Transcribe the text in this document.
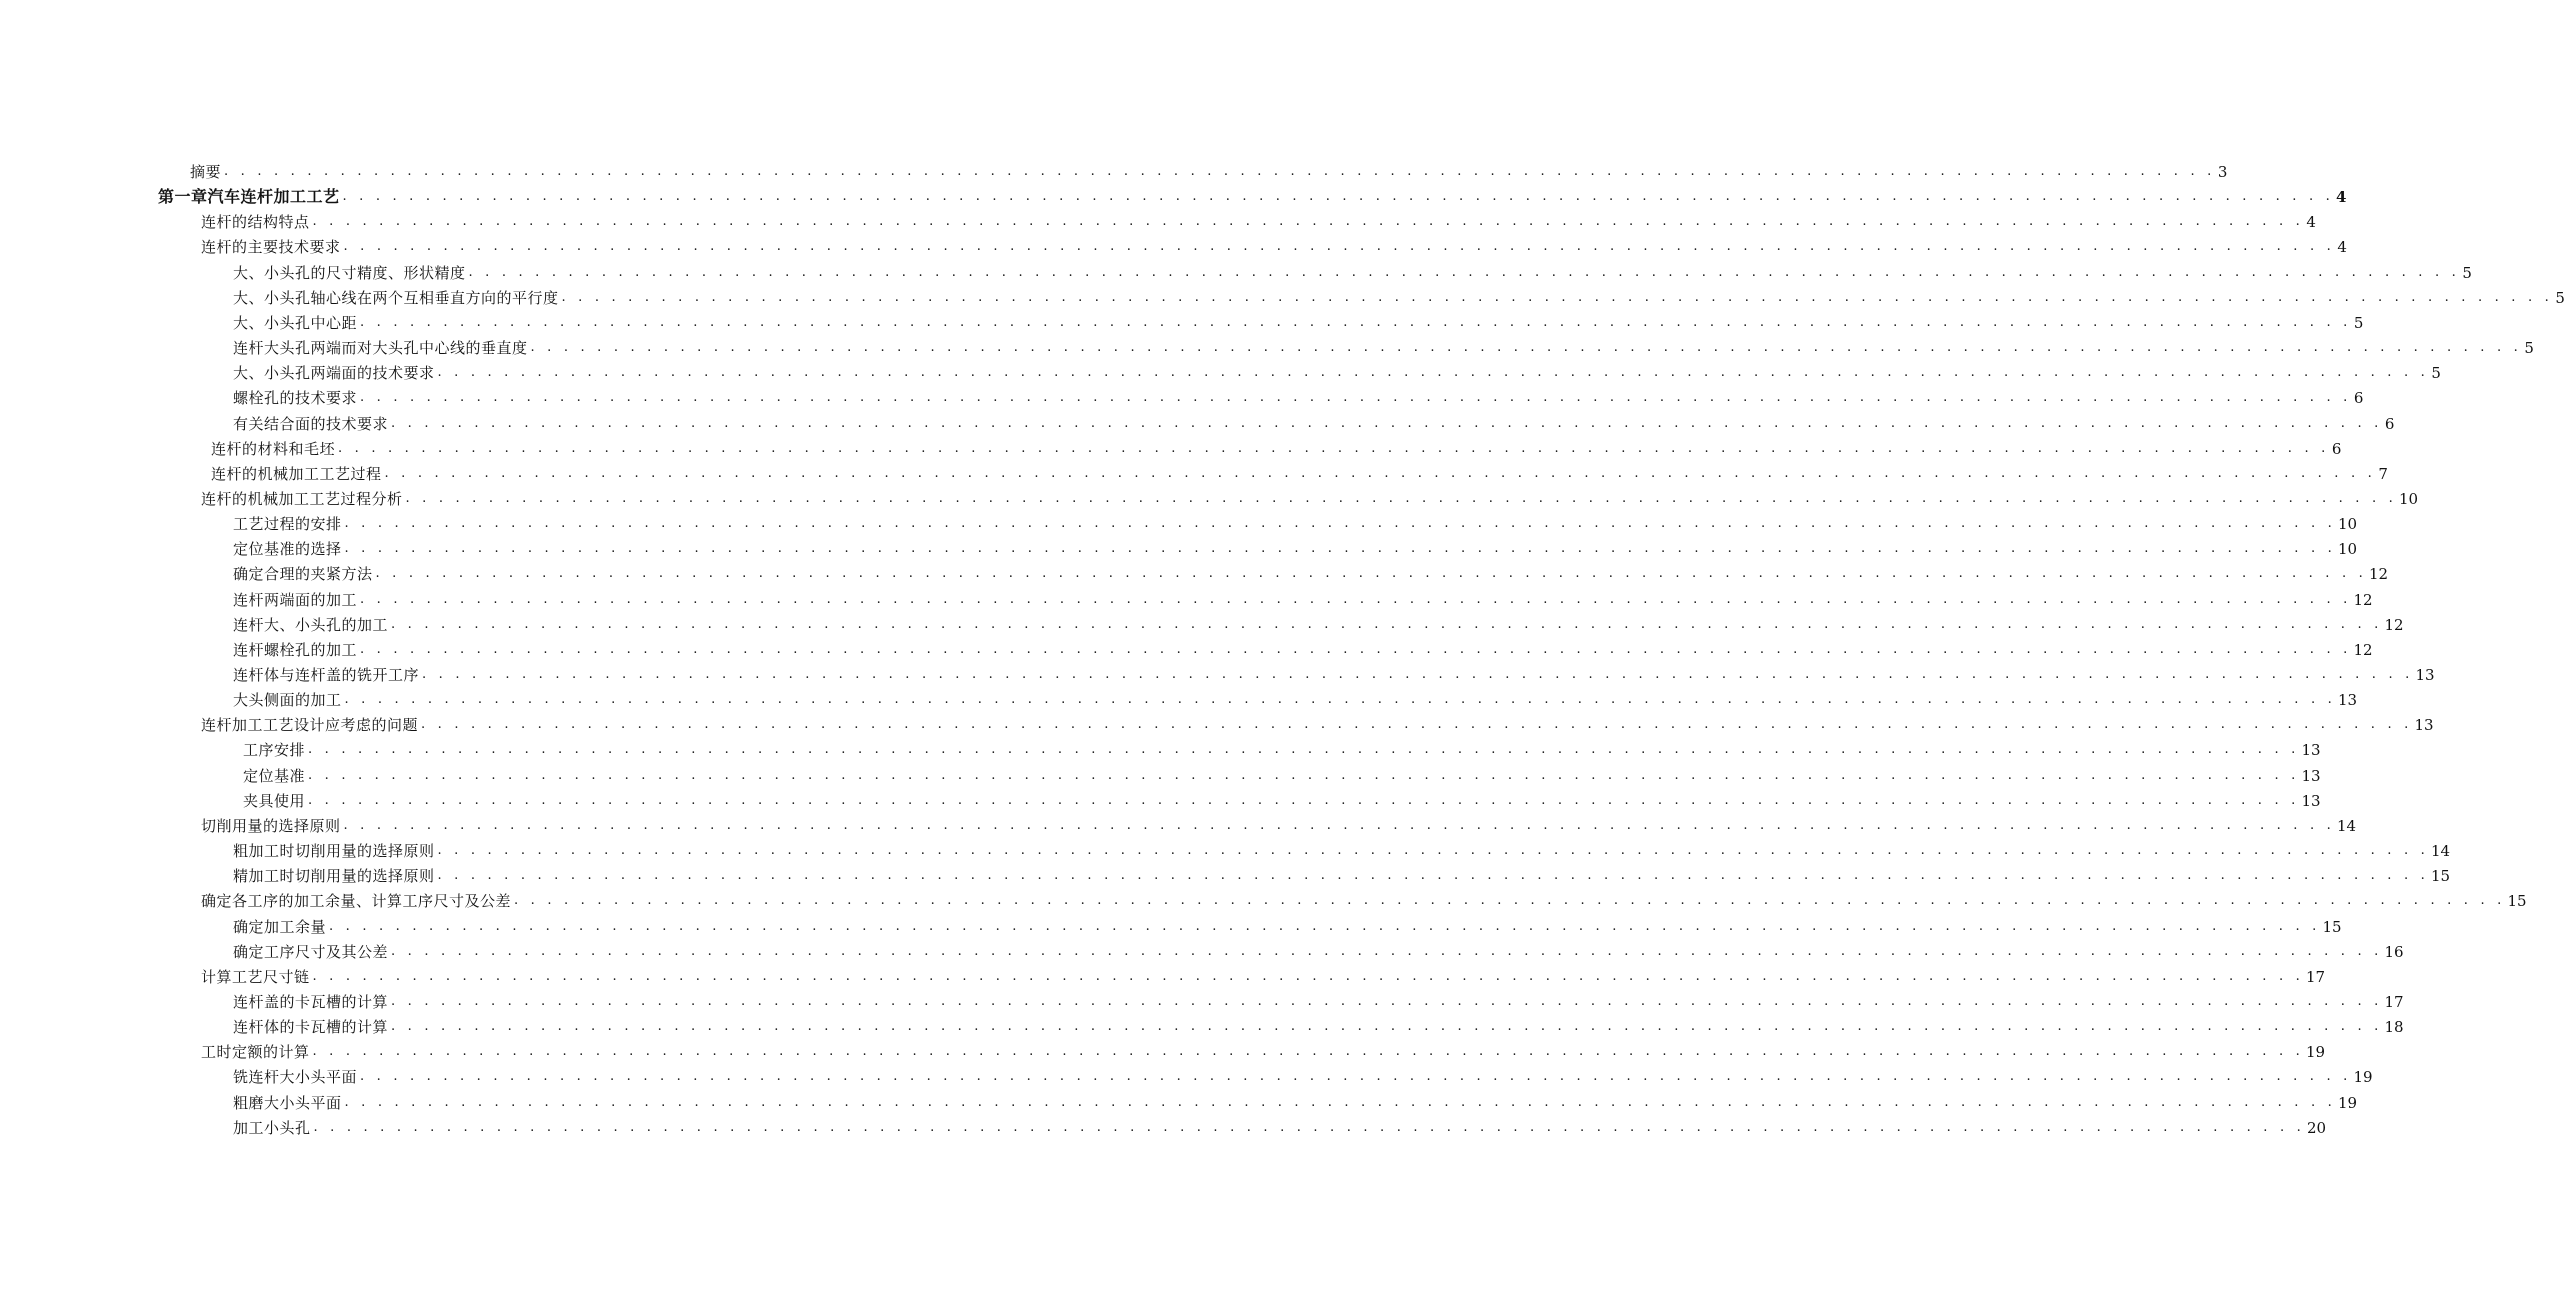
摘要 . . . . . . . . . . . . . . . . . . . . . . . . . . . . . . . . . . . . . . . . . . . . . . . . . . . . . . . . . . . . . . . . . . . . . . . . . . . . . . . . . . . . . . . . . . . . . . . . . . . . . . . . . . . . . . . . . . . . . . . . 3
第一章汽车连杆加工工艺 . . . . . . . . . . . . . . . . . . . . . . . . . . . . . . . . . . . . . . . . . . . . . . . . . . . . . . . . . . . . . . . . . . . . . . . . . . . . . . . . . . . . . . . . . . . . . . . . . . . . . . . . . . . . . . . . . . . . . . . . 4
连杆的结构特点 . . . . . . . . . . . . . . . . . . . . . . . . . . . . . . . . . . . . . . . . . . . . . . . . . . . . . . . . . . . . . . . . . . . . . . . . . . . . . . . . . . . . . . . . . . . . . . . . . . . . . . . . . . . . . . . . . . . . . . . . 4
连杆的主要技术要求 . . . . . . . . . . . . . . . . . . . . . . . . . . . . . . . . . . . . . . . . . . . . . . . . . . . . . . . . . . . . . . . . . . . . . . . . . . . . . . . . . . . . . . . . . . . . . . . . . . . . . . . . . . . . . . . . . . . . . . . . 4
大、小头孔的尺寸精度、形状精度 . . . . . . . . . . . . . . . . . . . . . . . . . . . . . . . . . . . . . . . . . . . . . . . . . . . . . . . . . . . . . . . . . . . . . . . . . . . . . . . . . . . . . . . . . . . . . . . . . . . . . . . . . . . . . . . . . . . . . . . . 5
大、小头孔轴心线在两个互相垂直方向的平行度 . . . . . . . . . . . . . . . . . . . . . . . . . . . . . . . . . . . . . . . . . . . . . . . . . . . . . . . . . . . . . . . . . . . . . . . . . . . . . . . . . . . . . . . . . . . . . . . . . . . . . . . . . . . . . . . . . . . . . . . . 5
大、小头孔中心距 . . . . . . . . . . . . . . . . . . . . . . . . . . . . . . . . . . . . . . . . . . . . . . . . . . . . . . . . . . . . . . . . . . . . . . . . . . . . . . . . . . . . . . . . . . . . . . . . . . . . . . . . . . . . . . . . . . . . . . . . 5
连杆大头孔两端而对大头孔中心线的垂直度 . . . . . . . . . . . . . . . . . . . . . . . . . . . . . . . . . . . . . . . . . . . . . . . . . . . . . . . . . . . . . . . . . . . . . . . . . . . . . . . . . . . . . . . . . . . . . . . . . . . . . . . . . . . . . . . . . . . . . . . . 5
大、小头孔两端面的技术要求 . . . . . . . . . . . . . . . . . . . . . . . . . . . . . . . . . . . . . . . . . . . . . . . . . . . . . . . . . . . . . . . . . . . . . . . . . . . . . . . . . . . . . . . . . . . . . . . . . . . . . . . . . . . . . . . . . . . . . . . . 5
螺栓孔的技术要求 . . . . . . . . . . . . . . . . . . . . . . . . . . . . . . . . . . . . . . . . . . . . . . . . . . . . . . . . . . . . . . . . . . . . . . . . . . . . . . . . . . . . . . . . . . . . . . . . . . . . . . . . . . . . . . . . . . . . . . . . 6
有关结合面的技术要求 . . . . . . . . . . . . . . . . . . . . . . . . . . . . . . . . . . . . . . . . . . . . . . . . . . . . . . . . . . . . . . . . . . . . . . . . . . . . . . . . . . . . . . . . . . . . . . . . . . . . . . . . . . . . . . . . . . . . . . . . 6
连杆的材料和毛坯 . . . . . . . . . . . . . . . . . . . . . . . . . . . . . . . . . . . . . . . . . . . . . . . . . . . . . . . . . . . . . . . . . . . . . . . . . . . . . . . . . . . . . . . . . . . . . . . . . . . . . . . . . . . . . . . . . . . . . . . . 6
连杆的机械加工工艺过程 . . . . . . . . . . . . . . . . . . . . . . . . . . . . . . . . . . . . . . . . . . . . . . . . . . . . . . . . . . . . . . . . . . . . . . . . . . . . . . . . . . . . . . . . . . . . . . . . . . . . . . . . . . . . . . . . . . . . . . . . 7
连杆的机械加工工艺过程分析 . . . . . . . . . . . . . . . . . . . . . . . . . . . . . . . . . . . . . . . . . . . . . . . . . . . . . . . . . . . . . . . . . . . . . . . . . . . . . . . . . . . . . . . . . . . . . . . . . . . . . . . . . . . . . . . . . . . . . . . . 10
工艺过程的安排 . . . . . . . . . . . . . . . . . . . . . . . . . . . . . . . . . . . . . . . . . . . . . . . . . . . . . . . . . . . . . . . . . . . . . . . . . . . . . . . . . . . . . . . . . . . . . . . . . . . . . . . . . . . . . . . . . . . . . . . . 10
定位基准的选择 . . . . . . . . . . . . . . . . . . . . . . . . . . . . . . . . . . . . . . . . . . . . . . . . . . . . . . . . . . . . . . . . . . . . . . . . . . . . . . . . . . . . . . . . . . . . . . . . . . . . . . . . . . . . . . . . . . . . . . . . 10
确定合理的夹紧方法 . . . . . . . . . . . . . . . . . . . . . . . . . . . . . . . . . . . . . . . . . . . . . . . . . . . . . . . . . . . . . . . . . . . . . . . . . . . . . . . . . . . . . . . . . . . . . . . . . . . . . . . . . . . . . . . . . . . . . . . . 12
连杆两端面的加工 . . . . . . . . . . . . . . . . . . . . . . . . . . . . . . . . . . . . . . . . . . . . . . . . . . . . . . . . . . . . . . . . . . . . . . . . . . . . . . . . . . . . . . . . . . . . . . . . . . . . . . . . . . . . . . . . . . . . . . . . 12
连杆大、小头孔的加工 . . . . . . . . . . . . . . . . . . . . . . . . . . . . . . . . . . . . . . . . . . . . . . . . . . . . . . . . . . . . . . . . . . . . . . . . . . . . . . . . . . . . . . . . . . . . . . . . . . . . . . . . . . . . . . . . . . . . . . . . 12
连杆螺栓孔的加工 . . . . . . . . . . . . . . . . . . . . . . . . . . . . . . . . . . . . . . . . . . . . . . . . . . . . . . . . . . . . . . . . . . . . . . . . . . . . . . . . . . . . . . . . . . . . . . . . . . . . . . . . . . . . . . . . . . . . . . . . 12
连杆体与连杆盖的铣开工序 . . . . . . . . . . . . . . . . . . . . . . . . . . . . . . . . . . . . . . . . . . . . . . . . . . . . . . . . . . . . . . . . . . . . . . . . . . . . . . . . . . . . . . . . . . . . . . . . . . . . . . . . . . . . . . . . . . . . . . . . 13
大头侧面的加工 . . . . . . . . . . . . . . . . . . . . . . . . . . . . . . . . . . . . . . . . . . . . . . . . . . . . . . . . . . . . . . . . . . . . . . . . . . . . . . . . . . . . . . . . . . . . . . . . . . . . . . . . . . . . . . . . . . . . . . . . 13
连杆加工工艺设计应考虑的问题 . . . . . . . . . . . . . . . . . . . . . . . . . . . . . . . . . . . . . . . . . . . . . . . . . . . . . . . . . . . . . . . . . . . . . . . . . . . . . . . . . . . . . . . . . . . . . . . . . . . . . . . . . . . . . . . . . . . . . . . . 13
工序安排 . . . . . . . . . . . . . . . . . . . . . . . . . . . . . . . . . . . . . . . . . . . . . . . . . . . . . . . . . . . . . . . . . . . . . . . . . . . . . . . . . . . . . . . . . . . . . . . . . . . . . . . . . . . . . . . . . . . . . . . . 13
定位基准 . . . . . . . . . . . . . . . . . . . . . . . . . . . . . . . . . . . . . . . . . . . . . . . . . . . . . . . . . . . . . . . . . . . . . . . . . . . . . . . . . . . . . . . . . . . . . . . . . . . . . . . . . . . . . . . . . . . . . . . . 13
夹具使用 . . . . . . . . . . . . . . . . . . . . . . . . . . . . . . . . . . . . . . . . . . . . . . . . . . . . . . . . . . . . . . . . . . . . . . . . . . . . . . . . . . . . . . . . . . . . . . . . . . . . . . . . . . . . . . . . . . . . . . . . 13
切削用量的选择原则 . . . . . . . . . . . . . . . . . . . . . . . . . . . . . . . . . . . . . . . . . . . . . . . . . . . . . . . . . . . . . . . . . . . . . . . . . . . . . . . . . . . . . . . . . . . . . . . . . . . . . . . . . . . . . . . . . . . . . . . . 14
粗加工时切削用量的选择原则 . . . . . . . . . . . . . . . . . . . . . . . . . . . . . . . . . . . . . . . . . . . . . . . . . . . . . . . . . . . . . . . . . . . . . . . . . . . . . . . . . . . . . . . . . . . . . . . . . . . . . . . . . . . . . . . . . . . . . . . . 14
精加工时切削用量的选择原则 . . . . . . . . . . . . . . . . . . . . . . . . . . . . . . . . . . . . . . . . . . . . . . . . . . . . . . . . . . . . . . . . . . . . . . . . . . . . . . . . . . . . . . . . . . . . . . . . . . . . . . . . . . . . . . . . . . . . . . . . 15
确定各工序的加工余量、计算工序尺寸及公差 . . . . . . . . . . . . . . . . . . . . . . . . . . . . . . . . . . . . . . . . . . . . . . . . . . . . . . . . . . . . . . . . . . . . . . . . . . . . . . . . . . . . . . . . . . . . . . . . . . . . . . . . . . . . . . . . . . . . . . . . 15
确定加工余量 . . . . . . . . . . . . . . . . . . . . . . . . . . . . . . . . . . . . . . . . . . . . . . . . . . . . . . . . . . . . . . . . . . . . . . . . . . . . . . . . . . . . . . . . . . . . . . . . . . . . . . . . . . . . . . . . . . . . . . . . 15
确定工序尺寸及其公差 . . . . . . . . . . . . . . . . . . . . . . . . . . . . . . . . . . . . . . . . . . . . . . . . . . . . . . . . . . . . . . . . . . . . . . . . . . . . . . . . . . . . . . . . . . . . . . . . . . . . . . . . . . . . . . . . . . . . . . . . 16
计算工艺尺寸链 . . . . . . . . . . . . . . . . . . . . . . . . . . . . . . . . . . . . . . . . . . . . . . . . . . . . . . . . . . . . . . . . . . . . . . . . . . . . . . . . . . . . . . . . . . . . . . . . . . . . . . . . . . . . . . . . . . . . . . . . 17
连杆盖的卡瓦槽的计算 . . . . . . . . . . . . . . . . . . . . . . . . . . . . . . . . . . . . . . . . . . . . . . . . . . . . . . . . . . . . . . . . . . . . . . . . . . . . . . . . . . . . . . . . . . . . . . . . . . . . . . . . . . . . . . . . . . . . . . . . 17
连杆体的卡瓦槽的计算 . . . . . . . . . . . . . . . . . . . . . . . . . . . . . . . . . . . . . . . . . . . . . . . . . . . . . . . . . . . . . . . . . . . . . . . . . . . . . . . . . . . . . . . . . . . . . . . . . . . . . . . . . . . . . . . . . . . . . . . . 18
工时定额的计算 . . . . . . . . . . . . . . . . . . . . . . . . . . . . . . . . . . . . . . . . . . . . . . . . . . . . . . . . . . . . . . . . . . . . . . . . . . . . . . . . . . . . . . . . . . . . . . . . . . . . . . . . . . . . . . . . . . . . . . . . 19
铣连杆大小头平面 . . . . . . . . . . . . . . . . . . . . . . . . . . . . . . . . . . . . . . . . . . . . . . . . . . . . . . . . . . . . . . . . . . . . . . . . . . . . . . . . . . . . . . . . . . . . . . . . . . . . . . . . . . . . . . . . . . . . . . . . 19
粗磨大小头平面 . . . . . . . . . . . . . . . . . . . . . . . . . . . . . . . . . . . . . . . . . . . . . . . . . . . . . . . . . . . . . . . . . . . . . . . . . . . . . . . . . . . . . . . . . . . . . . . . . . . . . . . . . . . . . . . . . . . . . . . . 19
加工小头孔 . . . . . . . . . . . . . . . . . . . . . . . . . . . . . . . . . . . . . . . . . . . . . . . . . . . . . . . . . . . . . . . . . . . . . . . . . . . . . . . . . . . . . . . . . . . . . . . . . . . . . . . . . . . . . . . . . . . . . . . . 20
